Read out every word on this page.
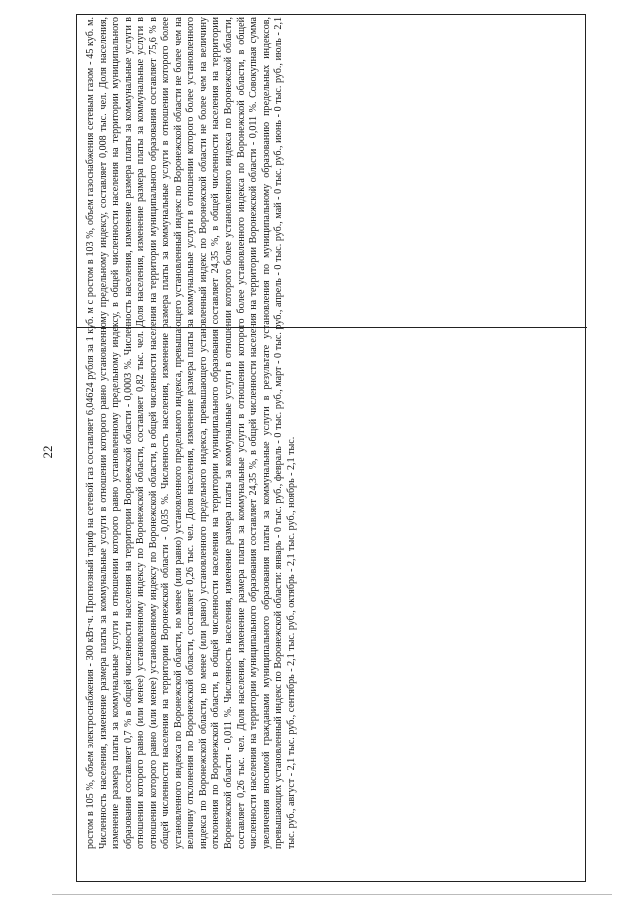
22	ростом в 105 %, объем электроснабжения - 300 кВт·ч. Прогнозный тариф на сетевой газ составляет 6,04624 рубля за 1 куб. м с ростом в 103 %, объем газоснабжения сетевым газом - 45 куб. м. Численность населения, изменение размера платы за коммунальные услуги в отношении которого равно установленному предельному индексу, составляет 0,008 тыс. чел. Доля населения, изменение размера платы за коммунальные услуги в отношении которого равно установленному предельному индексу, в общей численности населения на территории муниципального образования составляет 0,7 % в общей численности населения на территории Воронежской области - 0,0003 %. Численность населения, изменение размера платы за коммунальные услуги в отношении которого равно (или менее) установленному индексу по Воронежской области, составляет 0,82 тыс. чел. Доля населения, изменение размера платы за коммунальные услуги в отношении которого равно (или менее) установленному индексу по Воронежской области, в общей численности населения на территории муниципального образования составляет 75,6 % в общей численности населения на территории Воронежской области - 0,035 %. Численность населения, изменение размера платы за коммунальные услуги в отношении которого более установленного индекса по Воронежской области, но менее (или равно) установленного предельного индекса, превышающего установленный индекс по Воронежской области не более чем на величину отклонения по Воронежской области, составляет 0,26 тыс. чел. Доля населения, изменение размера платы за коммунальные услуги в отношении которого более установленного индекса по Воронежской области, но менее (или равно) установленного предельного индекса, превышающего установленный индекс по Воронежской области не более чем на величину отклонения по Воронежской области, в общей численности населения на территории муниципального образования составляет 24,35 %, в общей численности населения на территории Воронежской области - 0,011 %. Численность населения, изменение размера платы за коммунальные услуги в отношении которого более установленного индекса по Воронежской области, составляет 0,26 тыс. чел. Доля населения, изменение размера платы за коммунальные услуги в отношении которого более установленного индекса по Воронежской области, в общей численности населения на территории муниципального образования составляет 24,35 %, в общей численности населения на территории Воронежской области - 0,011 %. Совокупная сумма увеличения вносимой гражданами муниципального образования платы за коммунальные услуги в результате установления по муниципальному образованию предельных индексов, превышающих установленный индекс по Воронежской области: январь - 0 тыс. руб., февраль - 0 тыс. руб., март - 0 тыс. руб., апрель - 0 тыс. руб., май - 0 тыс. руб., июнь - 0 тыс. руб., июль - 2,1 тыс. руб., август - 2,1 тыс. руб., сентябрь - 2,1 тыс. руб., октябрь - 2,1 тыс. руб., ноябрь - 2,1 тыс.
